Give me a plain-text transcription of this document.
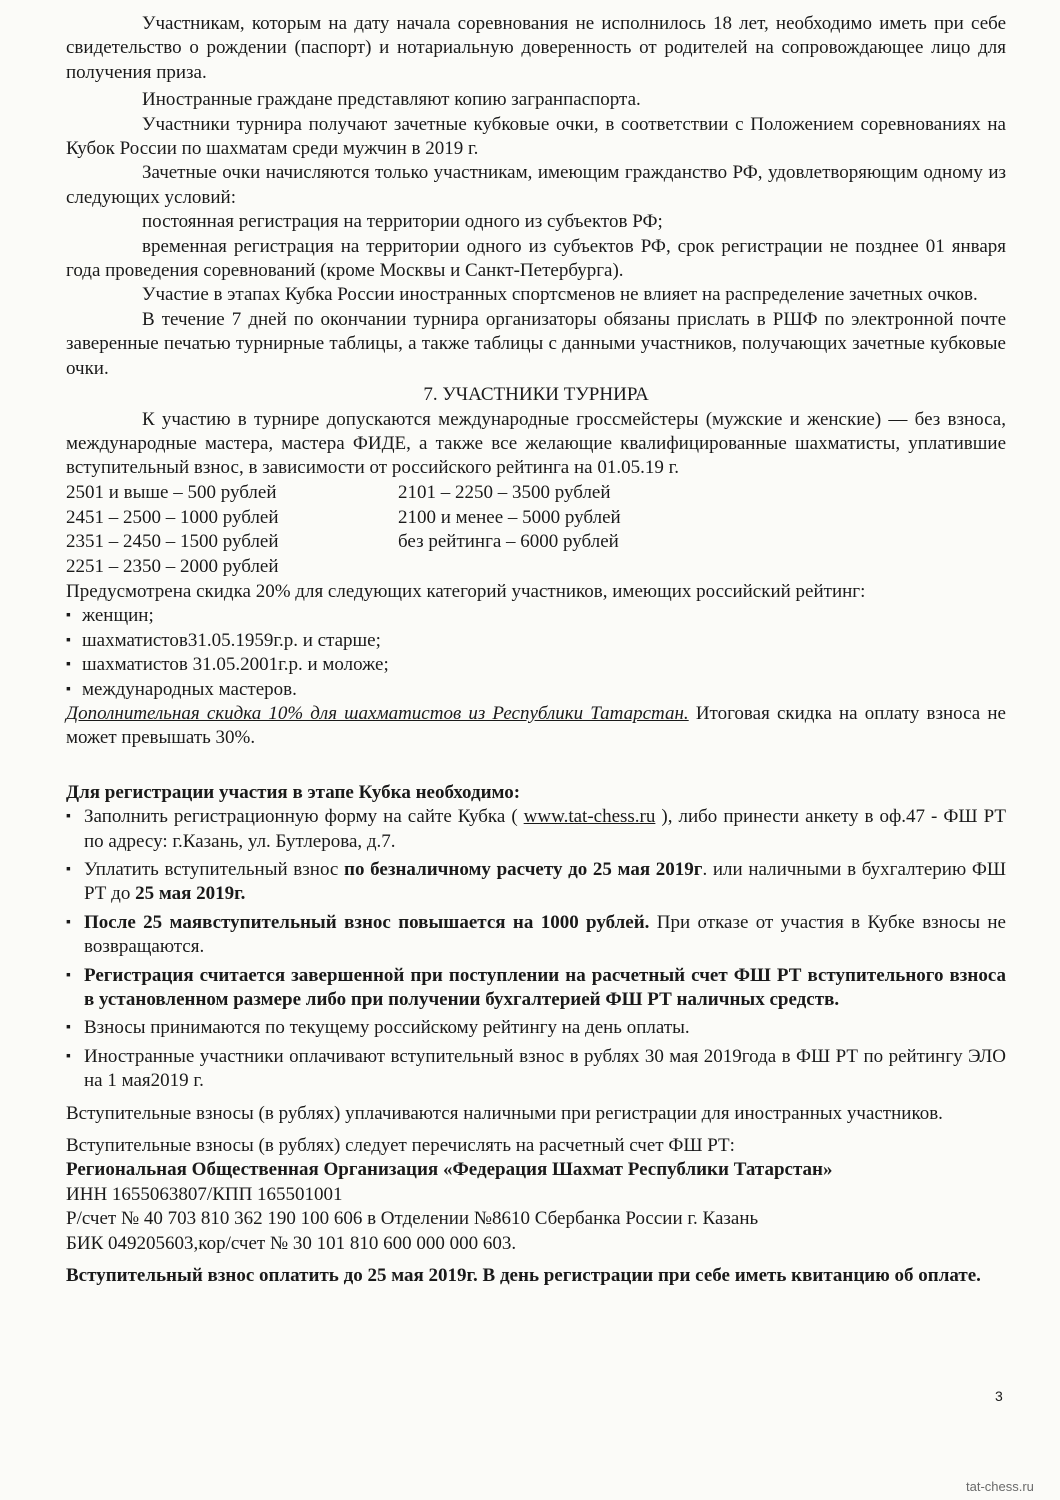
Участникам, которым на дату начала соревнования не исполнилось 18 лет, необходимо иметь при себе свидетельство о рождении (паспорт) и нотариальную доверенность от родителей на сопровождающее лицо для получения приза.

Иностранные граждане представляют копию загранпаспорта.

Участники турнира получают зачетные кубковые очки, в соответствии с Положением соревнованиях на Кубок России по шахматам среди мужчин в 2019 г.

Зачетные очки начисляются только участникам, имеющим гражданство РФ, удовлетворяющим одному из следующих условий:

постоянная регистрация на территории одного из субъектов РФ;

временная регистрация на территории одного из субъектов РФ, срок регистрации не позднее 01 января года проведения соревнований (кроме Москвы и Санкт-Петербурга).

Участие в этапах Кубка России иностранных спортсменов не влияет на распределение зачетных очков.

В течение 7 дней по окончании турнира организаторы обязаны прислать в РШФ по электронной почте заверенные печатью турнирные таблицы, а также таблицы с данными участников, получающих зачетные кубковые очки.

7. УЧАСТНИКИ ТУРНИРА

К участию в турнире допускаются международные гроссмейстеры (мужские и женские) — без взноса, международные мастера, мастера ФИДЕ, а также все желающие квалифицированные шахматисты, уплатившие вступительный взнос, в зависимости от российского рейтинга на 01.05.19 г.

2501 и выше – 500 рублей	2101 – 2250 – 3500 рублей
2451 – 2500 – 1000 рублей	2100 и менее – 5000 рублей
2351 – 2450 – 1500 рублей	без рейтинга – 6000 рублей
2251 – 2350 – 2000 рублей

Предусмотрена скидка 20% для следующих категорий участников, имеющих российский рейтинг:

▪ женщин;

▪ шахматистов31.05.1959г.р. и старше;

▪ шахматистов 31.05.2001г.р. и моложе;

▪ международных мастеров.

Дополнительная скидка 10% для шахматистов из Республики Татарстан. Итоговая скидка на оплату взноса не может превышать 30%.

Для регистрации участия в этапе Кубка необходимо:

▪ Заполнить регистрационную форму на сайте Кубка ( www.tat-chess.ru ), либо принести анкету в оф.47 - ФШ РТ по адресу: г.Казань, ул. Бутлерова, д.7.

▪ Уплатить вступительный взнос по безналичному расчету до 25 мая 2019г. или наличными в бухгалтерию ФШ РТ до 25 мая 2019г.

▪ После 25 маявступительный взнос повышается на 1000 рублей. При отказе от участия в Кубке взносы не возвращаются.

▪ Регистрация считается завершенной при поступлении на расчетный счет ФШ РТ вступительного взноса в установленном размере либо при получении бухгалтерией ФШ РТ наличных средств.

▪ Взносы принимаются по текущему российскому рейтингу на день оплаты.

▪ Иностранные участники оплачивают вступительный взнос в рублях 30 мая 2019года в ФШ РТ по рейтингу ЭЛО на 1 мая2019 г.

Вступительные взносы (в рублях) уплачиваются наличными при регистрации для иностранных участников.

Вступительные взносы (в рублях) следует перечислять на расчетный счет ФШ РТ:

Региональная Общественная Организация «Федерация Шахмат Республики Татарстан»

ИНН 1655063807/КПП 165501001

Р/счет № 40 703 810 362 190 100 606 в Отделении №8610 Сбербанка России г. Казань

БИК 049205603,кор/счет № 30 101 810 600 000 000 603.

Вступительный взнос оплатить до 25 мая 2019г. В день регистрации при себе иметь квитанцию об оплате.

3
tat-chess.ru
